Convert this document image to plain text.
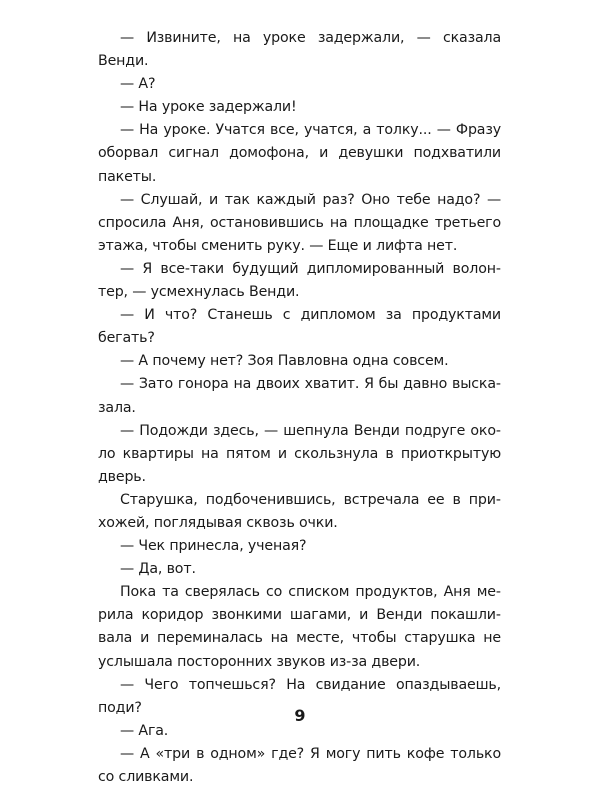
— Извините, на уроке задержали, — сказала Венди.

— А?

— На уроке задержали!

— На уроке. Учатся все, учатся, а толку... — Фразу оборвал сигнал домофона, и девушки подхватили пакеты.

— Слушай, и так каждый раз? Оно тебе надо? — спросила Аня, остановившись на площадке третьего этажа, чтобы сменить руку. — Еще и лифта нет.

— Я все-таки будущий дипломированный волонтер, — усмехнулась Венди.

— И что? Станешь с дипломом за продуктами бегать?

— А почему нет? Зоя Павловна одна совсем.

— Зато гонора на двоих хватит. Я бы давно высказала.

— Подожди здесь, — шепнула Венди подруге около квартиры на пятом и скользнула в приоткрытую дверь.

Старушка, подбоченившись, встречала ее в прихожей, поглядывая сквозь очки.

— Чек принесла, ученая?

— Да, вот.

Пока та сверялась со списком продуктов, Аня мерила коридор звонкими шагами, и Венди покашливала и переминалась на месте, чтобы старушка не услышала посторонних звуков из-за двери.

— Чего топчешься? На свидание опаздываешь, поди?

— Ага.

— А «три в одном» где? Я могу пить кофе только со сливками.

9
